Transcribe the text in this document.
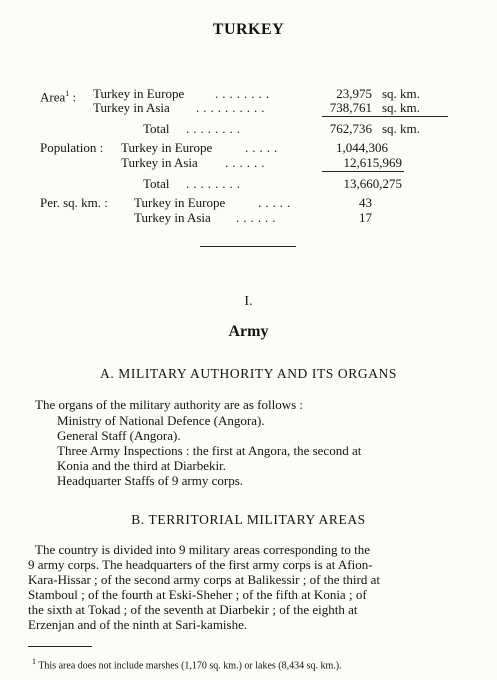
TURKEY
Area$^1$ : Turkey in Europe ........	23,975 sq. km.
Turkey in Asia ..........	738,761 sq. km.
Total ........	762,736 sq. km.
Population : Turkey in Europe	.....	1,044,306
Turkey in Asia ......	12,615,969
Total ........	13,660,275
Per. sq. km. : Turkey in Europe	.....	43
Turkey in Asia ......	17
I.
Army
A. MILITARY AUTHORITY AND ITS ORGANS
The organs of the military authority are as follows :
Ministry of National Defence (Angora).
General Staff (Angora).
Three Army Inspections : the first at Angora, the second at
Konia and the third at Diarbekir.
Headquarter Staffs of 9 army corps.
B. TERRITORIAL MILITARY AREAS
The country is divided into 9 military areas corresponding to the
9 army corps. The headquarters of the first army corps is at Afion-
Kara-Hissar ; of the second army corps at Balikessir ; of the third at
Stamboul ; of the fourth at Eski-Sheher ; of the fifth at Konia ; of
the sixth at Tokad ; of the seventh at Diarbekir ; of the eighth at
Erzenjan and of the ninth at Sari-kamishe.
$^1$ This area does not include marshes (1,170 sq. km.) or lakes (8,434 sq. km.).
